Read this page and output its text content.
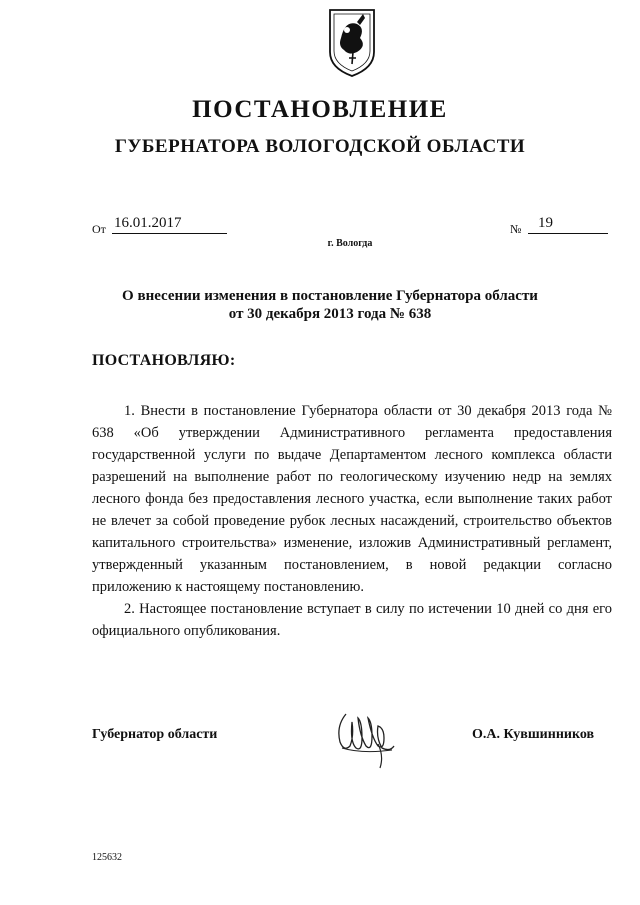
ПОСТАНОВЛЕНИЕ
ГУБЕРНАТОРА ВОЛОГОДСКОЙ ОБЛАСТИ
От 16.01.2017	№	19
г. Вологда
О внесении изменения в постановление Губернатора области
от 30 декабря 2013 года № 638
ПОСТАНОВЛЯЮ:

1. Внести в постановление Губернатора области от 30 декабря 2013 года № 638 «Об утверждении Административного регламента предоставления государственной услуги по выдаче Департаментом лесного комплекса области разрешений на выполнение работ по геологическому изучению недр на землях лесного фонда без предоставления лесного участка, если выполнение таких работ не влечет за собой проведение рубок лесных насаждений, строительство объектов капитального строительства» изменение, изложив Административный регламент, утвержденный указанным постановлением, в новой редакции согласно приложению к настоящему постановлению.

2. Настоящее постановление вступает в силу по истечении 10 дней со дня его официального опубликования.

Губернатор области	О.А. Кувшинников
125632
